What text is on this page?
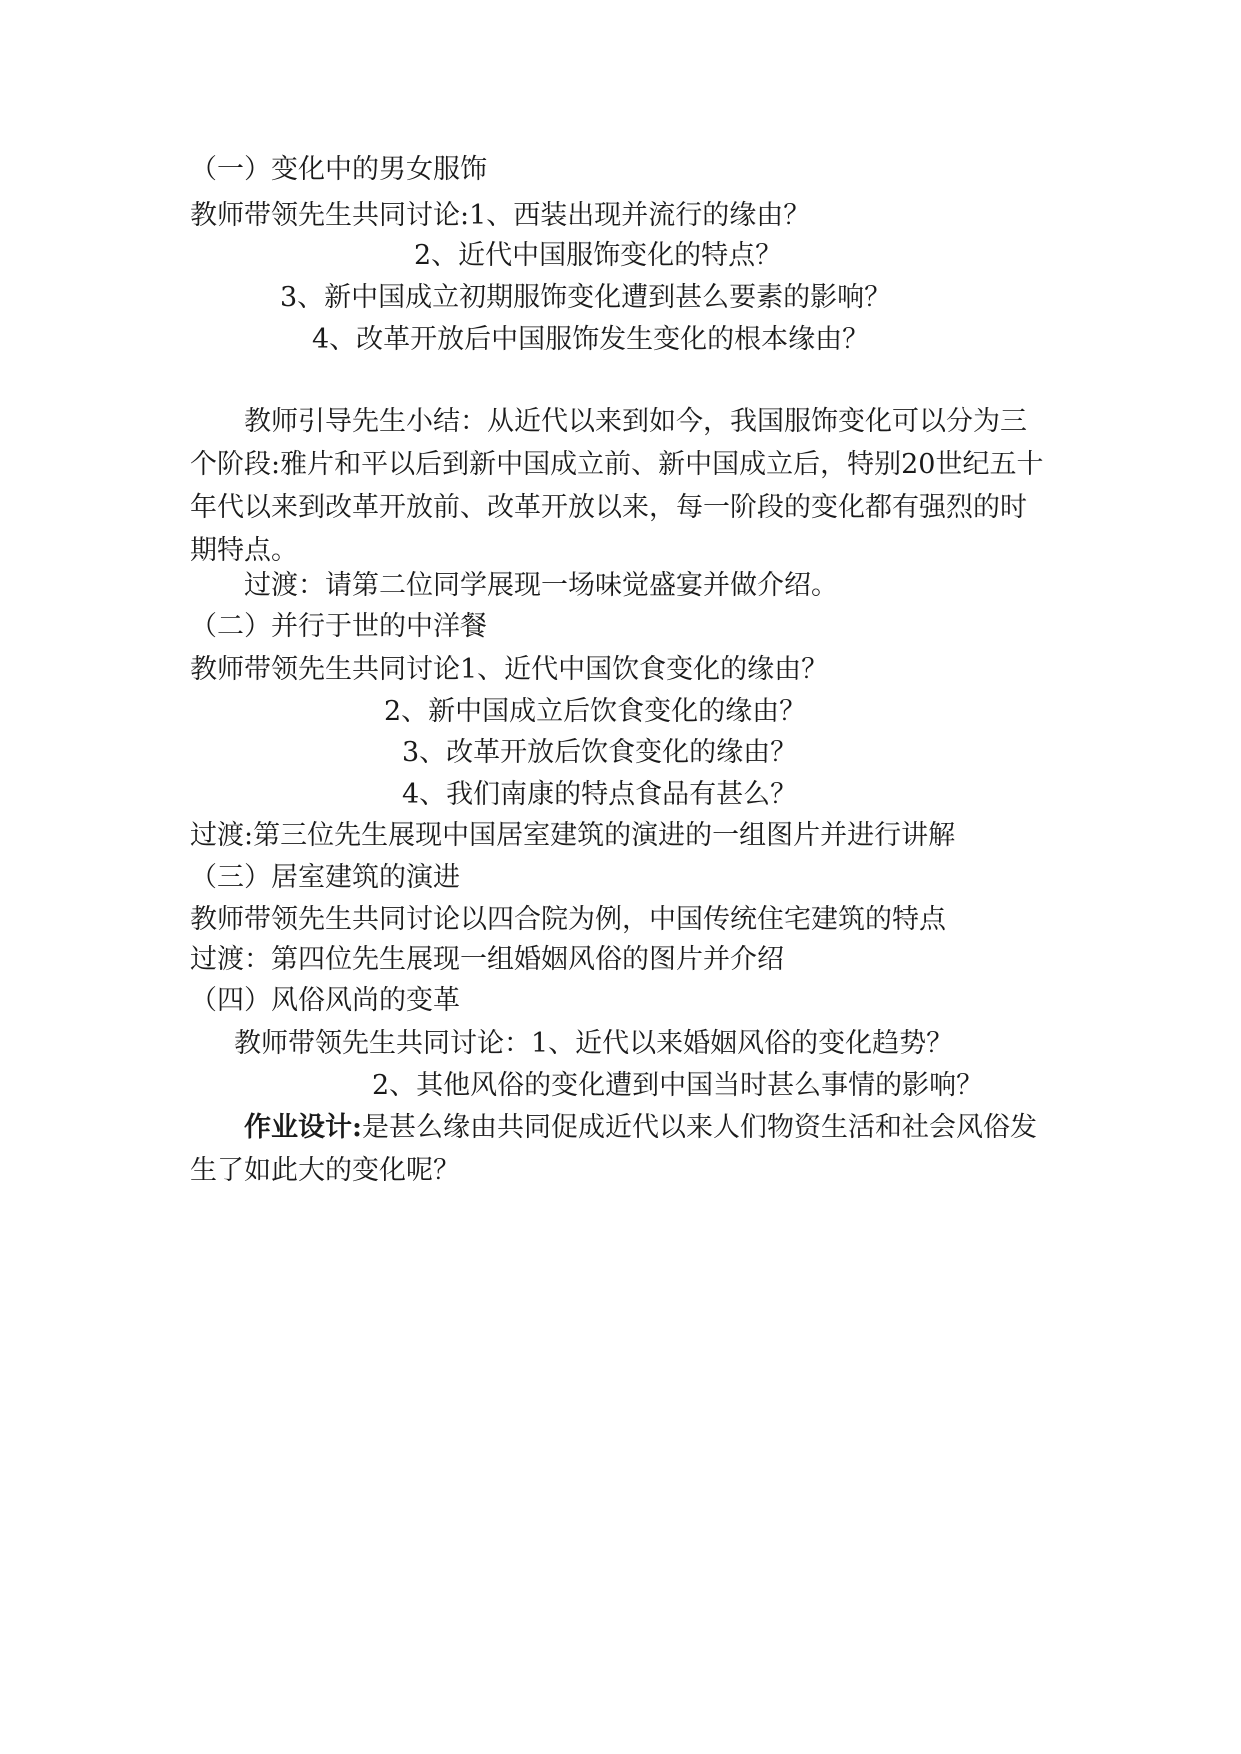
（一）变化中的男女服饰
教师带领先生共同讨论:1、西装出现并流行的缘由？
2、近代中国服饰变化的特点？
3、新中国成立初期服饰变化遭到甚么要素的影响？
4、改革开放后中国服饰发生变化的根本缘由？
教师引导先生小结：从近代以来到如今，我国服饰变化可以分为三个阶段:雅片和平以后到新中国成立前、新中国成立后，特别20世纪五十年代以来到改革开放前、改革开放以来，每一阶段的变化都有强烈的时期特点。
过渡：请第二位同学展现一场味觉盛宴并做介绍。
（二）并行于世的中洋餐
教师带领先生共同讨论1、近代中国饮食变化的缘由？
2、新中国成立后饮食变化的缘由？
3、改革开放后饮食变化的缘由？
4、我们南康的特点食品有甚么？
过渡:第三位先生展现中国居室建筑的演进的一组图片并进行讲解
（三）居室建筑的演进
教师带领先生共同讨论以四合院为例，中国传统住宅建筑的特点
过渡：第四位先生展现一组婚姻风俗的图片并介绍
（四）风俗风尚的变革
教师带领先生共同讨论：1、近代以来婚姻风俗的变化趋势？
2、其他风俗的变化遭到中国当时甚么事情的影响？
作业设计:是甚么缘由共同促成近代以来人们物资生活和社会风俗发生了如此大的变化呢？
